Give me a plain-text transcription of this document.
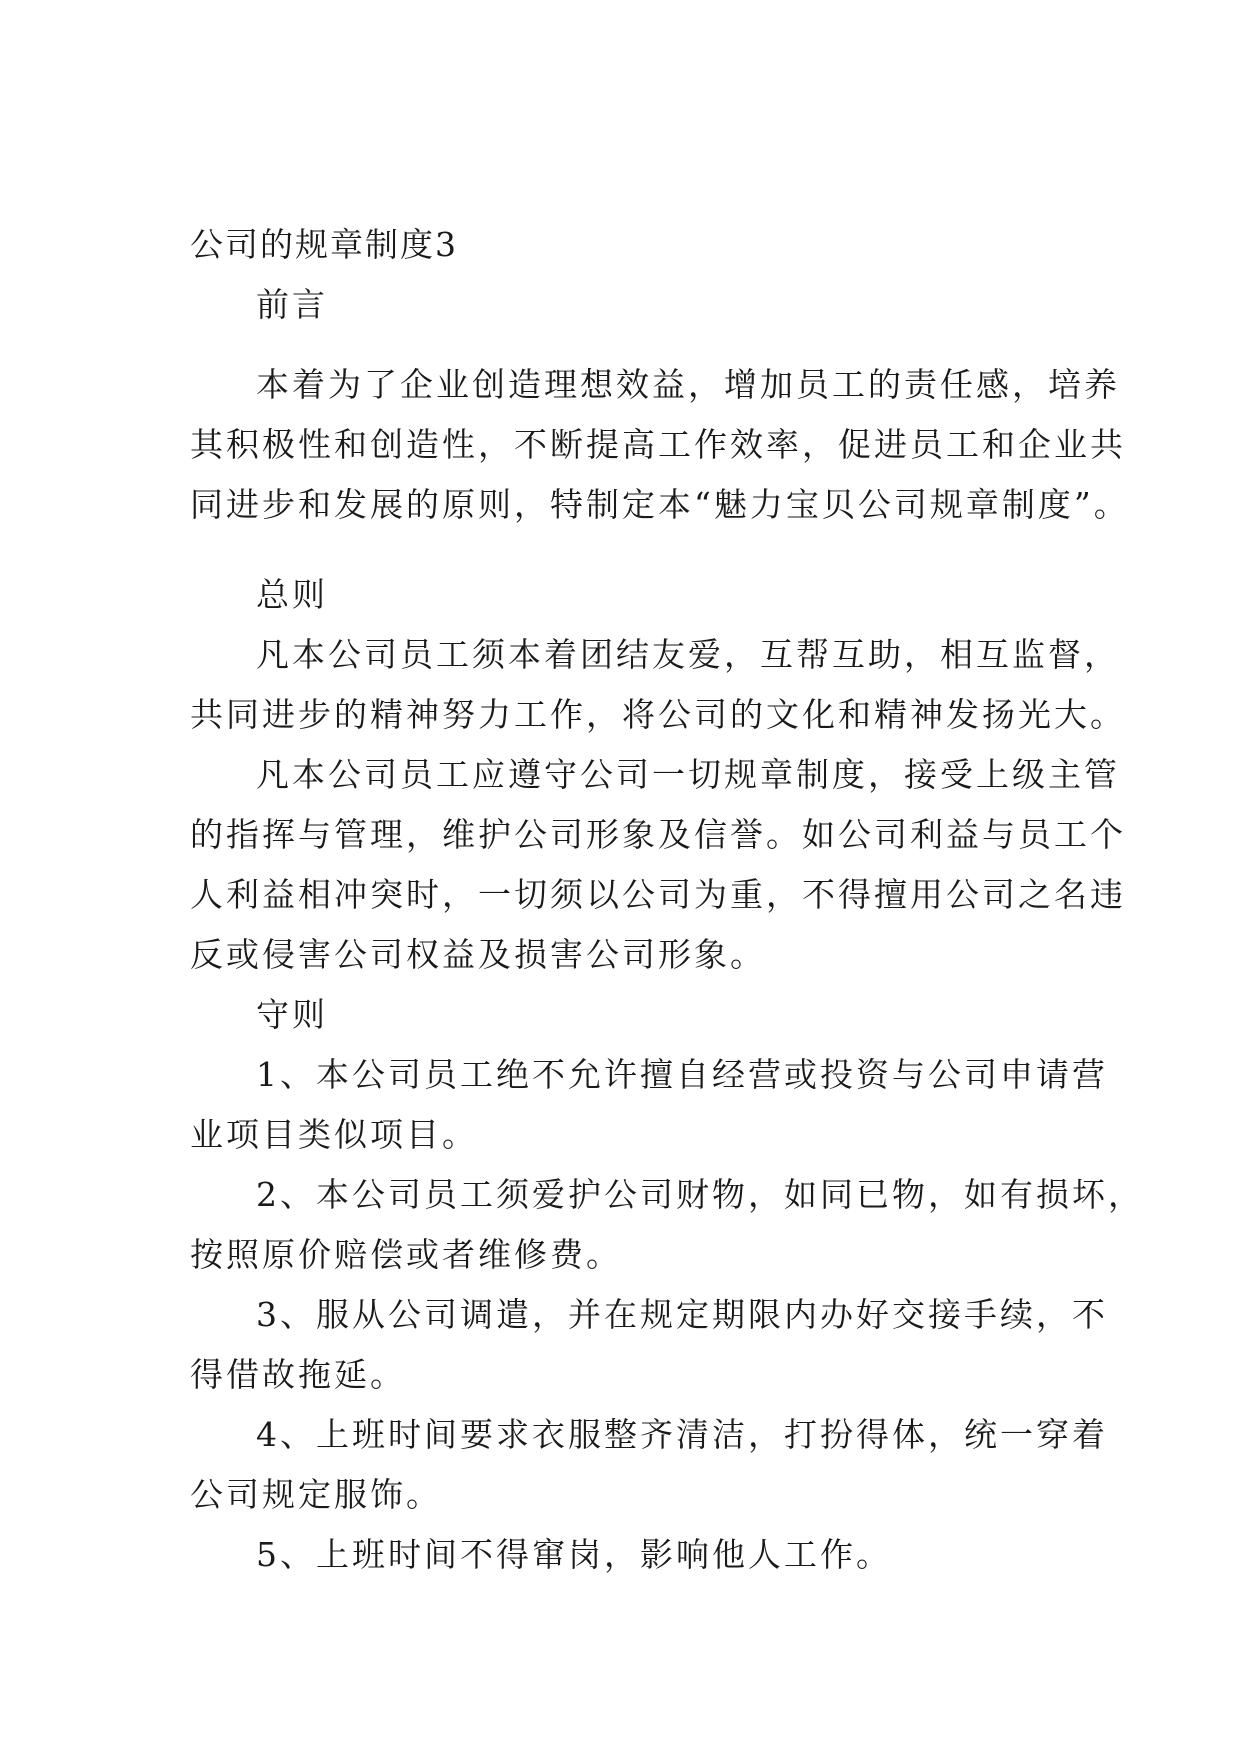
公司的规章制度3

前言

本着为了企业创造理想效益，增加员工的责任感，培养
其积极性和创造性，不断提高工作效率，促进员工和企业共
同进步和发展的原则，特制定本“魅力宝贝公司规章制度”。

总则

凡本公司员工须本着团结友爱，互帮互助，相互监督，
共同进步的精神努力工作，将公司的文化和精神发扬光大。
凡本公司员工应遵守公司一切规章制度，接受上级主管
的指挥与管理，维护公司形象及信誉。如公司利益与员工个
人利益相冲突时，一切须以公司为重，不得擅用公司之名违
反或侵害公司权益及损害公司形象。

守则

1、本公司员工绝不允许擅自经营或投资与公司申请营
业项目类似项目。
2、本公司员工须爱护公司财物，如同已物，如有损坏，
按照原价赔偿或者维修费。
3、服从公司调遣，并在规定期限内办好交接手续，不
得借故拖延。
4、上班时间要求衣服整齐清洁，打扮得体，统一穿着
公司规定服饰。
5、上班时间不得窜岗，影响他人工作。
